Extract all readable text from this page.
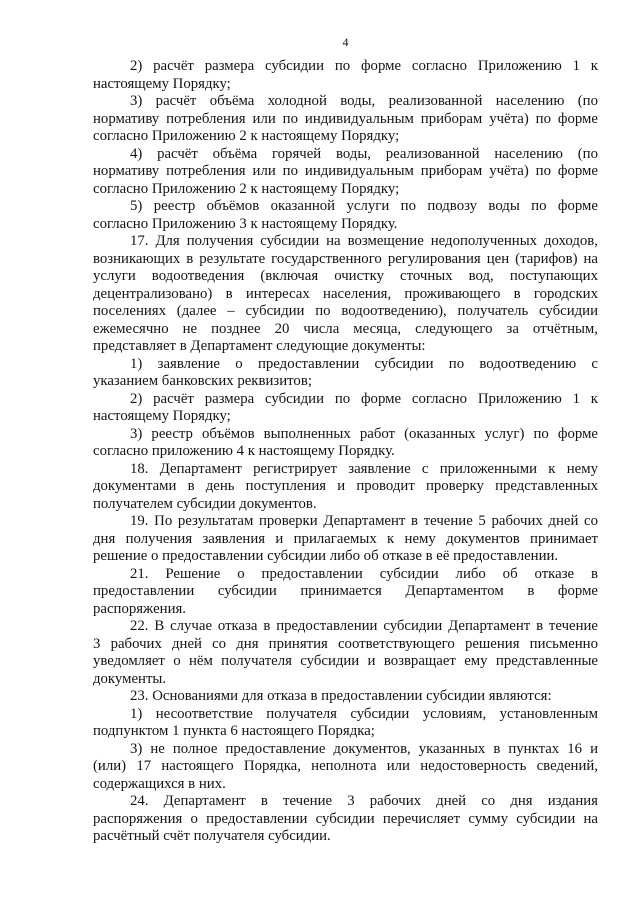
4
2) расчёт размера субсидии по форме согласно Приложению 1 к
настоящему Порядку;
3) расчёт объёма холодной воды, реализованной населению (по
нормативу потребления или по индивидуальным приборам учёта) по форме
согласно Приложению 2 к настоящему Порядку;
4) расчёт объёма горячей воды, реализованной населению (по
нормативу потребления или по индивидуальным приборам учёта) по форме
согласно Приложению 2 к настоящему Порядку;
5) реестр объёмов оказанной услуги по подвозу воды по форме
согласно Приложению 3 к настоящему Порядку.
17. Для получения субсидии на возмещение недополученных доходов,
возникающих в результате государственного регулирования цен (тарифов) на
услуги водоотведения (включая очистку сточных вод, поступающих
децентрализовано) в интересах населения, проживающего в городских
поселениях (далее – субсидии по водоотведению), получатель субсидии
ежемесячно не позднее 20 числа месяца, следующего за отчётным,
представляет в Департамент следующие документы:
1) заявление о предоставлении субсидии по водоотведению с
указанием банковских реквизитов;
2) расчёт размера субсидии по форме согласно Приложению 1 к
настоящему Порядку;
3) реестр объёмов выполненных работ (оказанных услуг) по форме
согласно приложению 4 к настоящему Порядку.
18. Департамент регистрирует заявление с приложенными к нему
документами в день поступления и проводит проверку представленных
получателем субсидии документов.
19. По результатам проверки Департамент в течение 5 рабочих дней со
дня получения заявления и прилагаемых к нему документов принимает
решение о предоставлении субсидии либо об отказе в её предоставлении.
21. Решение о предоставлении субсидии либо об отказе в
предоставлении субсидии принимается Департаментом в форме
распоряжения.
22. В случае отказа в предоставлении субсидии Департамент в течение
3 рабочих дней со дня принятия соответствующего решения письменно
уведомляет о нём получателя субсидии и возвращает ему представленные
документы.
23. Основаниями для отказа в предоставлении субсидии являются:
1) несоответствие получателя субсидии условиям, установленным
подпунктом 1 пункта 6 настоящего Порядка;
3) не полное предоставление документов, указанных в пунктах 16 и
(или) 17 настоящего Порядка, неполнота или недостоверность сведений,
содержащихся в них.
24. Департамент в течение 3 рабочих дней со дня издания
распоряжения о предоставлении субсидии перечисляет сумму субсидии на
расчётный счёт получателя субсидии.
